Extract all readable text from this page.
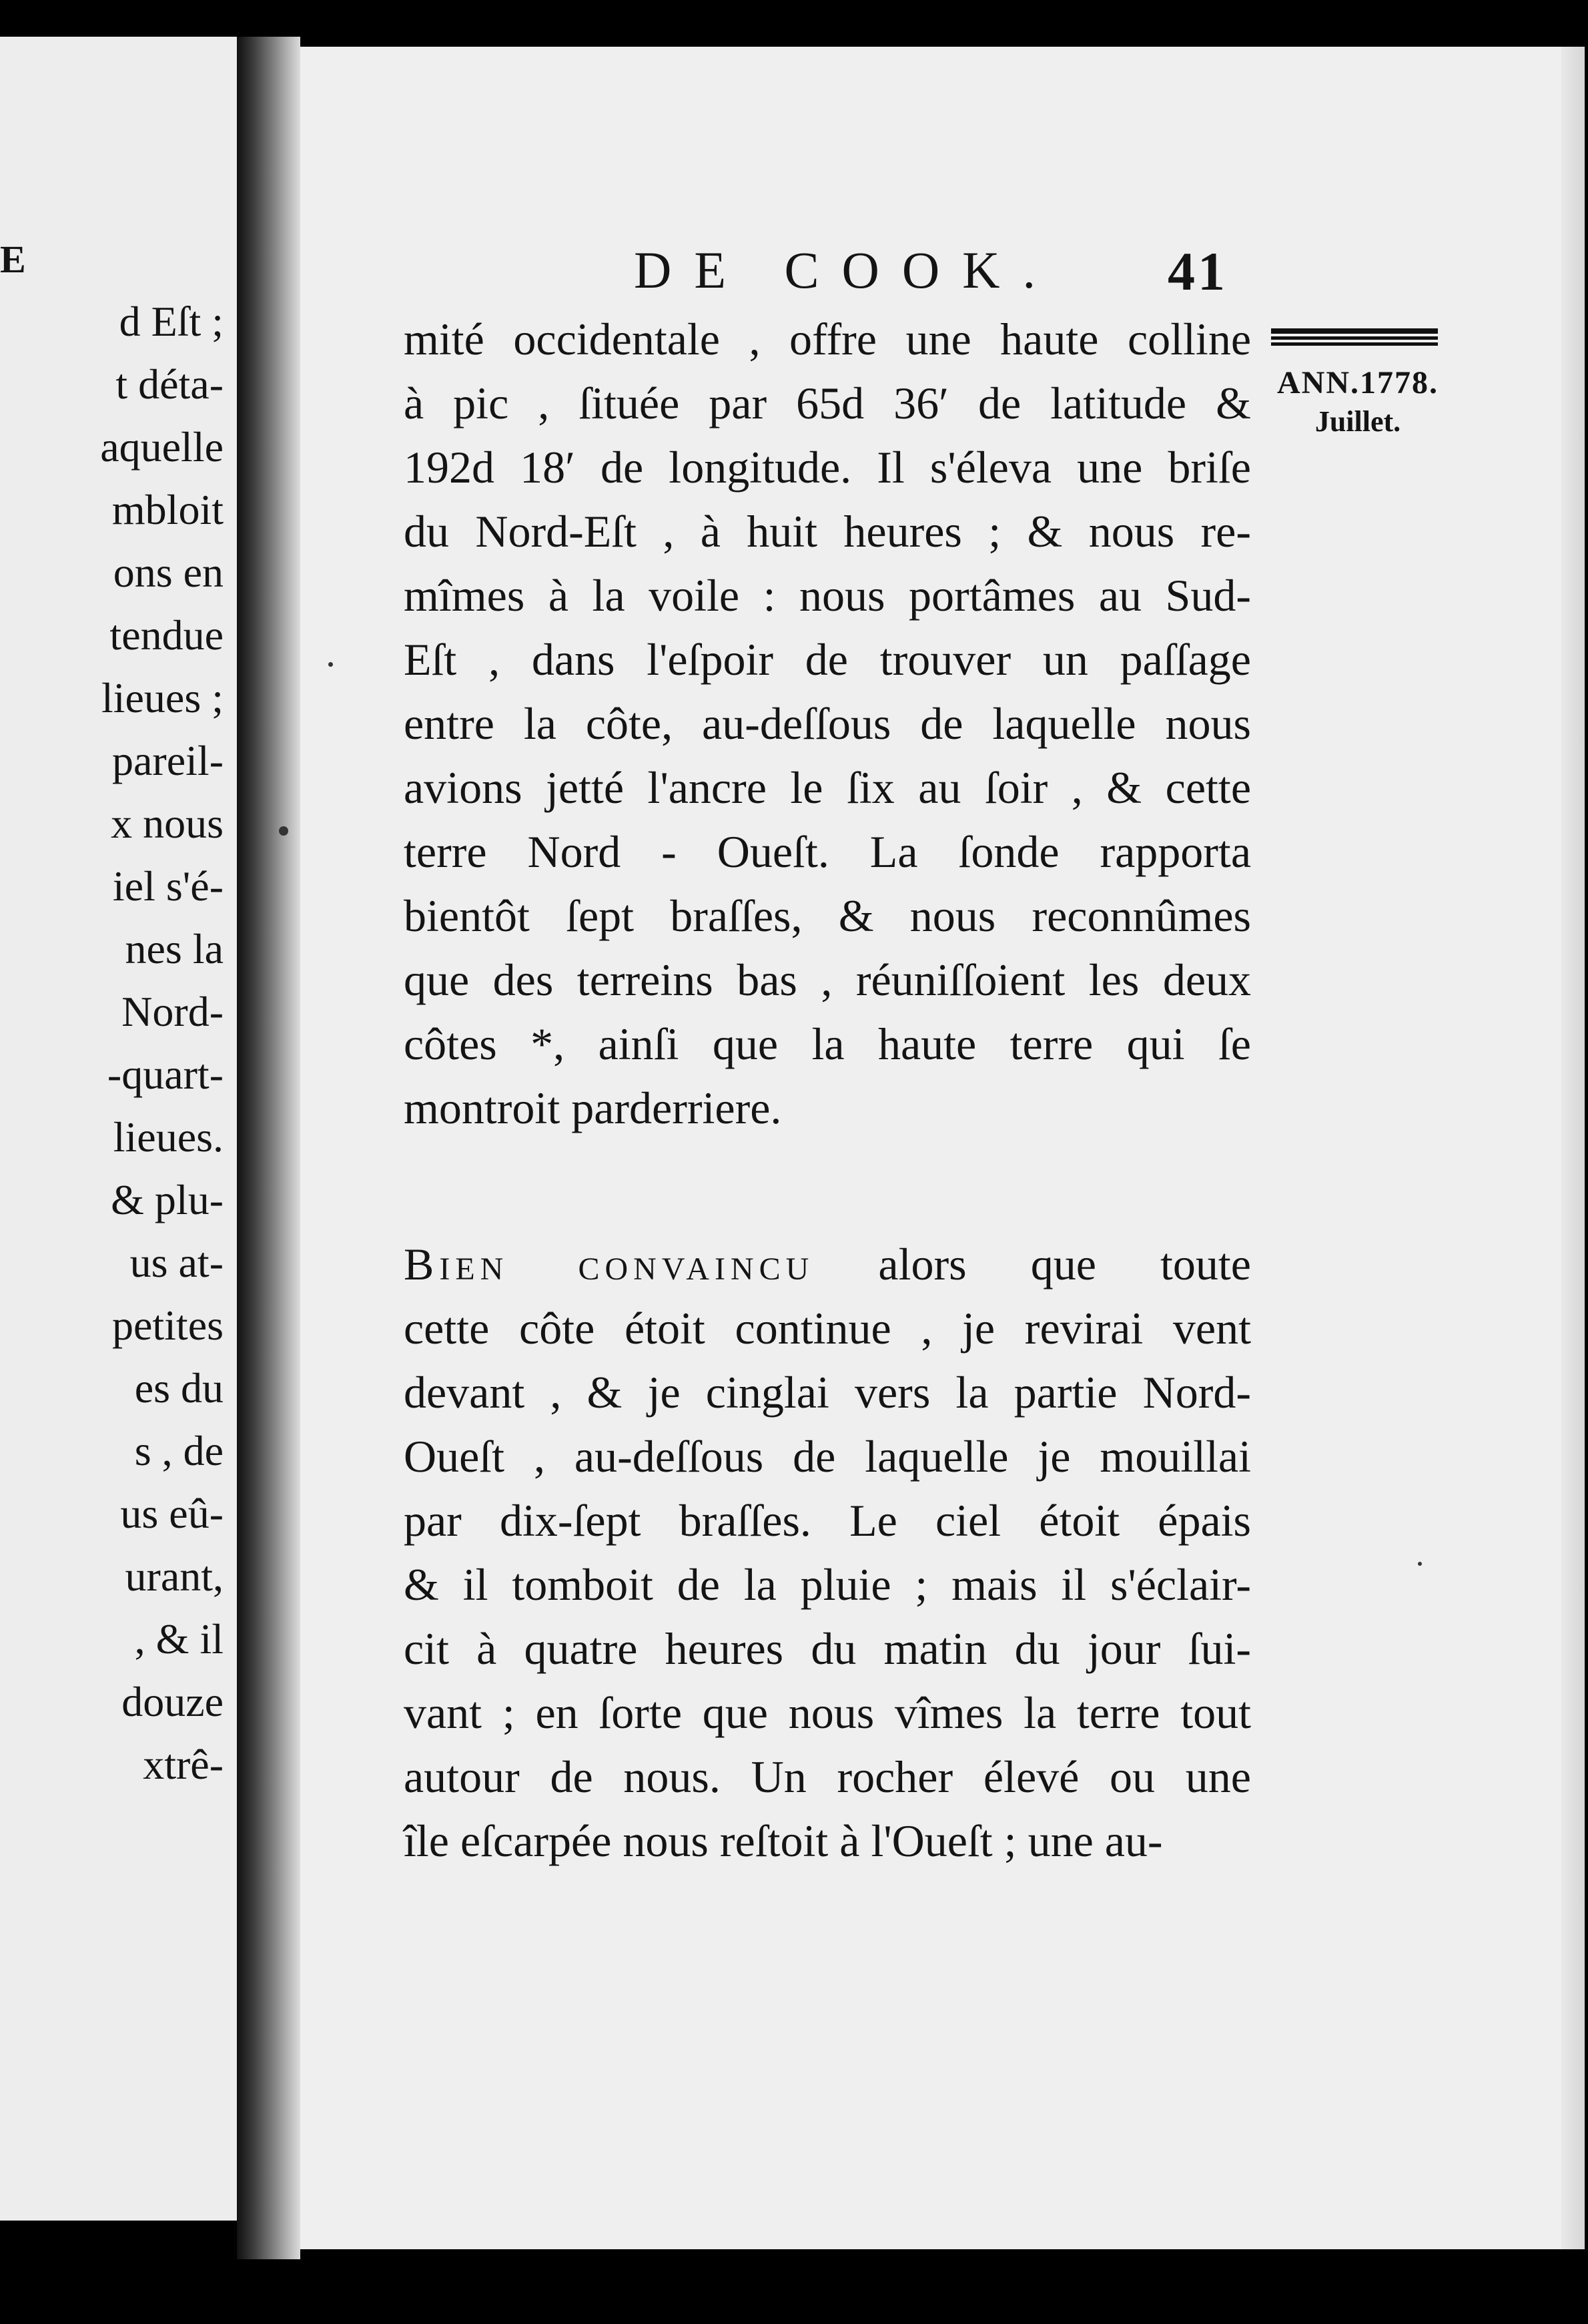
E
d Eſt ;
t déta-
aquelle
mbloit
ons en
tendue
lieues ;
pareil-
x nous
iel s'é-
nes la
Nord-
-quart-
lieues.
& plu-
us at-
petites
es du
s , de
us eû-
urant,
, & il
douze
xtrê-
DE COOK. 41
ANN.1778.
Juillet.
mité occidentale , offre une haute colline
à pic , ſituée par 65d 36′ de latitude &
192d 18′ de longitude. Il s'éleva une briſe
du Nord-Eſt , à huit heures ; & nous re-
mîmes à la voile : nous portâmes au Sud-
Eſt , dans l'eſpoir de trouver un paſſage
entre la côte, au-deſſous de laquelle nous
avions jetté l'ancre le ſix au ſoir , & cette
terre Nord - Oueſt. La ſonde rapporta
bientôt ſept braſſes, & nous reconnûmes
que des terreins bas , réuniſſoient les deux
côtes *, ainſi que la haute terre qui ſe
montroit parderriere.
Bien convaincu alors que toute
cette côte étoit continue , je revirai vent
devant , & je cinglai vers la partie Nord-
Oueſt , au-deſſous de laquelle je mouillai
par dix-ſept braſſes. Le ciel étoit épais
& il tomboit de la pluie ; mais il s'éclair-
cit à quatre heures du matin du jour ſui-
vant ; en ſorte que nous vîmes la terre tout
autour de nous. Un rocher élevé ou une
île eſcarpée nous reſtoit à l'Oueſt ; une au-
